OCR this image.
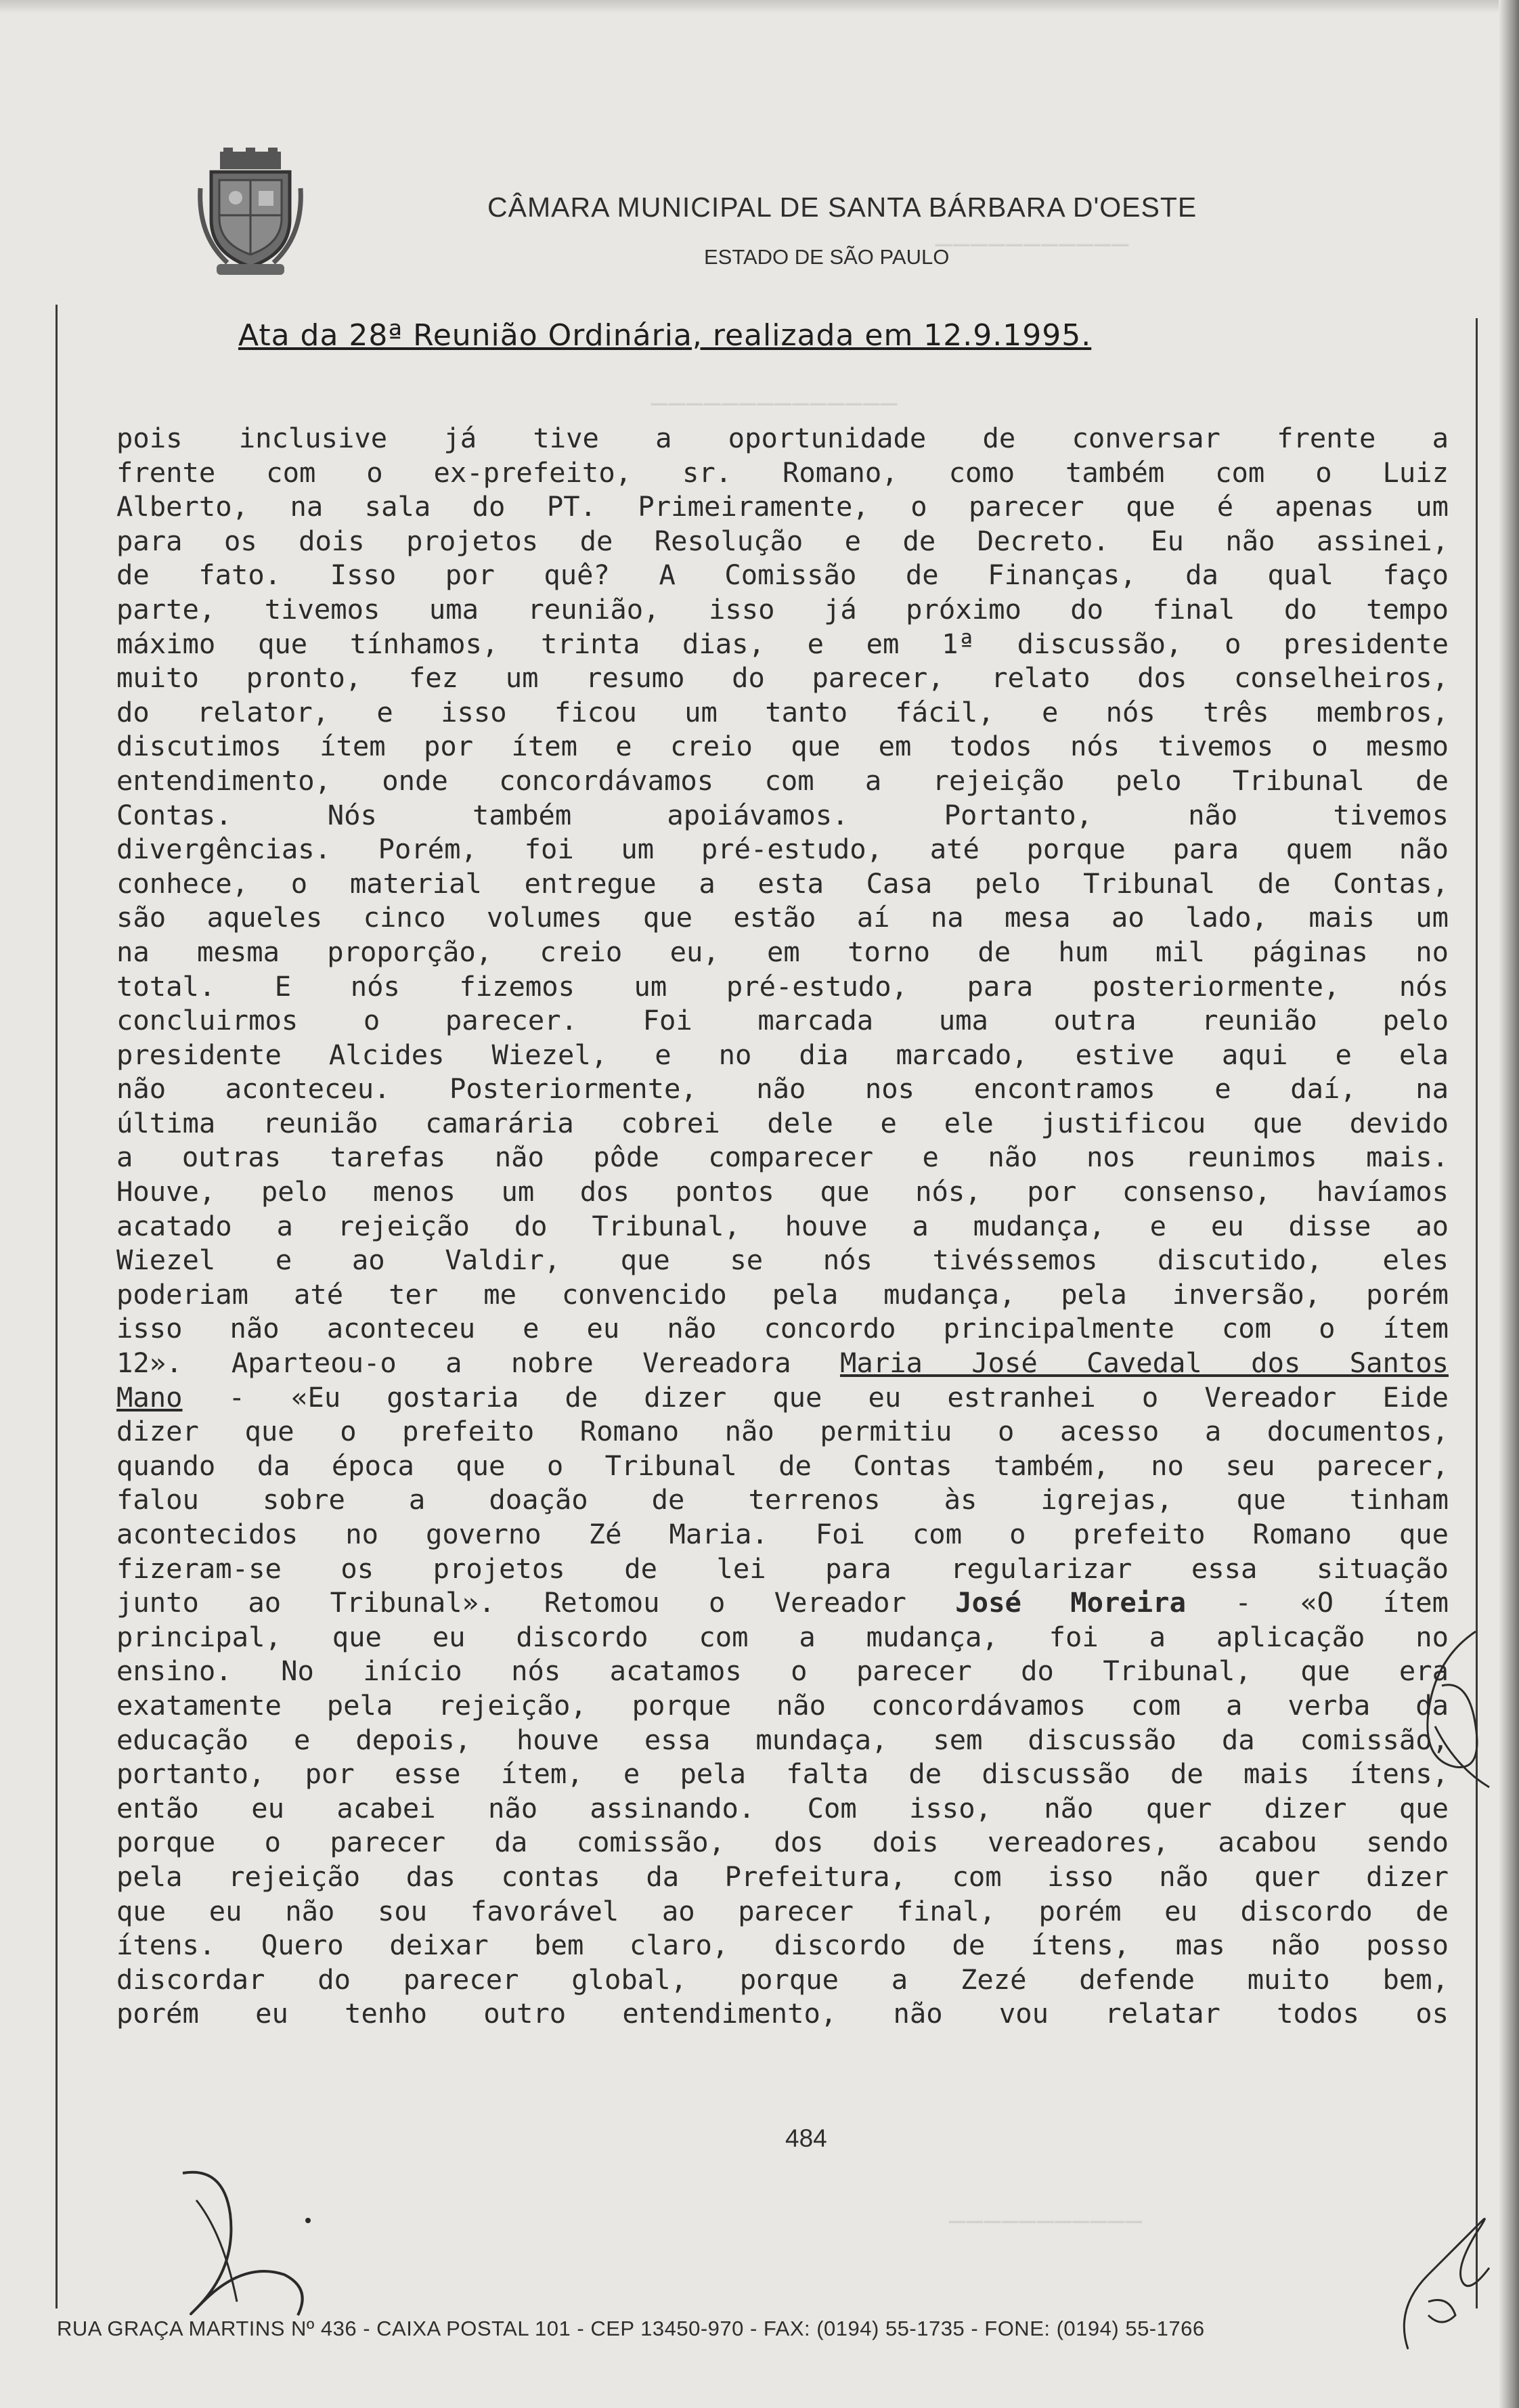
───────────
──────────────
───────────
CÂMARA MUNICIPAL DE SANTA BÁRBARA D'OESTE
ESTADO DE SÃO PAULO
Ata da 28ª Reunião Ordinária, realizada em 12.9.1995.
pois inclusive já tive a oportunidade de conversar frente a
frente com o ex-prefeito, sr. Romano, como também com o Luiz
Alberto, na sala do PT. Primeiramente, o parecer que é apenas um
para os dois projetos de Resolução e de Decreto. Eu não assinei,
de fato. Isso por quê? A Comissão de Finanças, da qual faço
parte, tivemos uma reunião, isso já próximo do final do tempo
máximo que tínhamos, trinta dias, e em 1ª discussão, o presidente
muito pronto, fez um resumo do parecer, relato dos conselheiros,
do relator, e isso ficou um tanto fácil, e nós três membros,
discutimos ítem por ítem e creio que em todos nós tivemos o mesmo
entendimento, onde concordávamos com a rejeição pelo Tribunal de
Contas. Nós também apoiávamos. Portanto, não tivemos
divergências. Porém, foi um pré-estudo, até porque para quem não
conhece, o material entregue a esta Casa pelo Tribunal de Contas,
são aqueles cinco volumes que estão aí na mesa ao lado, mais um
na mesma proporção, creio eu, em torno de hum mil páginas no
total. E nós fizemos um pré-estudo, para posteriormente, nós
concluirmos o parecer. Foi marcada uma outra reunião pelo
presidente Alcides Wiezel, e no dia marcado, estive aqui e ela
não aconteceu. Posteriormente, não nos encontramos e daí, na
última reunião camarária cobrei dele e ele justificou que devido
a outras tarefas não pôde comparecer e não nos reunimos mais.
Houve, pelo menos um dos pontos que nós, por consenso, havíamos
acatado a rejeição do Tribunal, houve a mudança, e eu disse ao
Wiezel e ao Valdir, que se nós tivéssemos discutido, eles
poderiam até ter me convencido pela mudança, pela inversão, porém
isso não aconteceu e eu não concordo principalmente com o ítem
12». Aparteou-o a nobre Vereadora Maria José Cavedal dos Santos
Mano - «Eu gostaria de dizer que eu estranhei o Vereador Eide
dizer que o prefeito Romano não permitiu o acesso a documentos,
quando da época que o Tribunal de Contas também, no seu parecer,
falou sobre a doação de terrenos às igrejas, que tinham
acontecidos no governo Zé Maria. Foi com o prefeito Romano que
fizeram-se os projetos de lei para regularizar essa situação
junto ao Tribunal». Retomou o Vereador José Moreira - «O ítem
principal, que eu discordo com a mudança, foi a aplicação no
ensino. No início nós acatamos o parecer do Tribunal, que era
exatamente pela rejeição, porque não concordávamos com a verba da
educação e depois, houve essa mundaça, sem discussão da comissão,
portanto, por esse ítem, e pela falta de discussão de mais ítens,
então eu acabei não assinando. Com isso, não quer dizer que
porque o parecer da comissão, dos dois vereadores, acabou sendo
pela rejeição das contas da Prefeitura, com isso não quer dizer
que eu não sou favorável ao parecer final, porém eu discordo de
ítens. Quero deixar bem claro, discordo de ítens, mas não posso
discordar do parecer global, porque a Zezé defende muito bem,
porém eu tenho outro entendimento, não vou relatar todos os
484
RUA GRAÇA MARTINS Nº 436 - CAIXA POSTAL 101 - CEP 13450-970 - FAX: (0194) 55-1735 - FONE: (0194) 55-1766
